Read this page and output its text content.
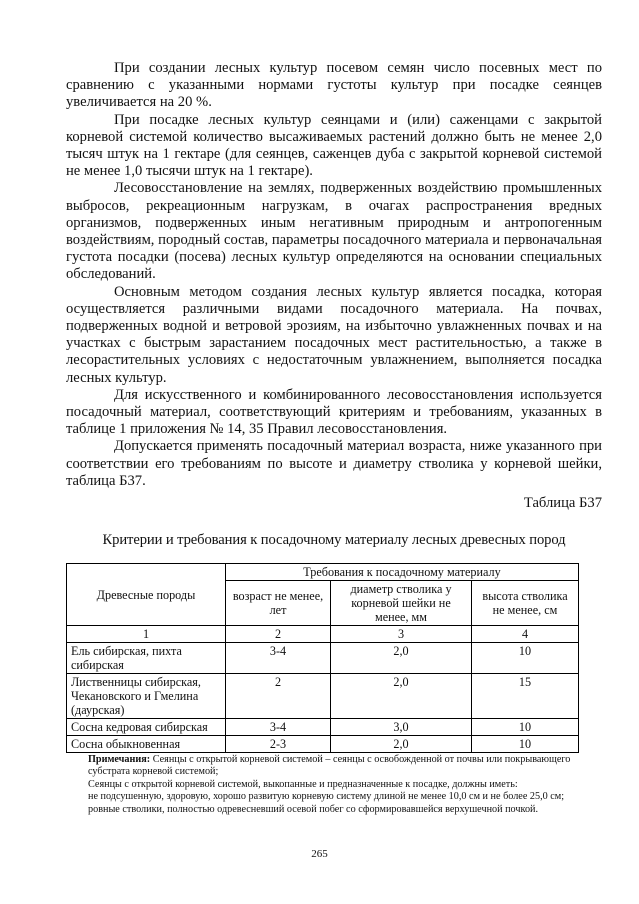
При создании лесных культур посевом семян число посевных мест по сравнению с указанными нормами густоты культур при посадке сеянцев увеличивается на 20 %.

При посадке лесных культур сеянцами и (или) саженцами с закрытой корневой системой количество высаживаемых растений должно быть не менее 2,0 тысяч штук на 1 гектаре (для сеянцев, саженцев дуба с закрытой корневой системой не менее 1,0 тысячи штук на 1 гектаре).

Лесовосстановление на землях, подверженных воздействию промышленных выбросов, рекреационным нагрузкам, в очагах распространения вредных организмов, подверженных иным негативным природным и антропогенным воздействиям, породный состав, параметры посадочного материала и первоначальная густота посадки (посева) лесных культур определяются на основании специальных обследований.

Основным методом создания лесных культур является посадка, которая осуществляется различными видами посадочного материала. На почвах, подверженных водной и ветровой эрозиям, на избыточно увлажненных почвах и на участках с быстрым зарастанием посадочных мест растительностью, а также в лесорастительных условиях с недостаточным увлажнением, выполняется посадка лесных культур.

Для искусственного и комбинированного лесовосстановления используется посадочный материал, соответствующий критериям и требованиям, указанных в таблице 1 приложения № 14, 35 Правил лесовосстановления.

Допускается применять посадочный материал возраста, ниже указанного при соответствии его требованиям по высоте и диаметру стволика у корневой шейки, таблица Б37.

Таблица Б37
Критерии и требования к посадочному материалу лесных древесных пород
Древесные породы	Требования к посадочному материалу		
	возраст не менее, лет	диаметр стволика у корневой шейки не менее, мм	высота стволика не менее, см
1	2	3	4
Ель сибирская, пихта сибирская	3-4	2,0	10
Лиственницы сибирская, Чекановского и Гмелина (даурская)	2	2,0	15
Сосна кедровая сибирская	3-4	3,0	10
Сосна обыкновенная	2-3	2,0	10
Примечания: Сеянцы с открытой корневой системой – сеянцы с освобожденной от почвы или покрывающего субстрата корневой системой;
Сеянцы с открытой корневой системой, выкопанные и предназначенные к посадке, должны иметь:
не подсушенную, здоровую, хорошо развитую корневую систему длиной не менее 10,0 см и не более 25,0 см;
ровные стволики, полностью одревесневший осевой побег со сформировавшейся верхушечной почкой.
265
